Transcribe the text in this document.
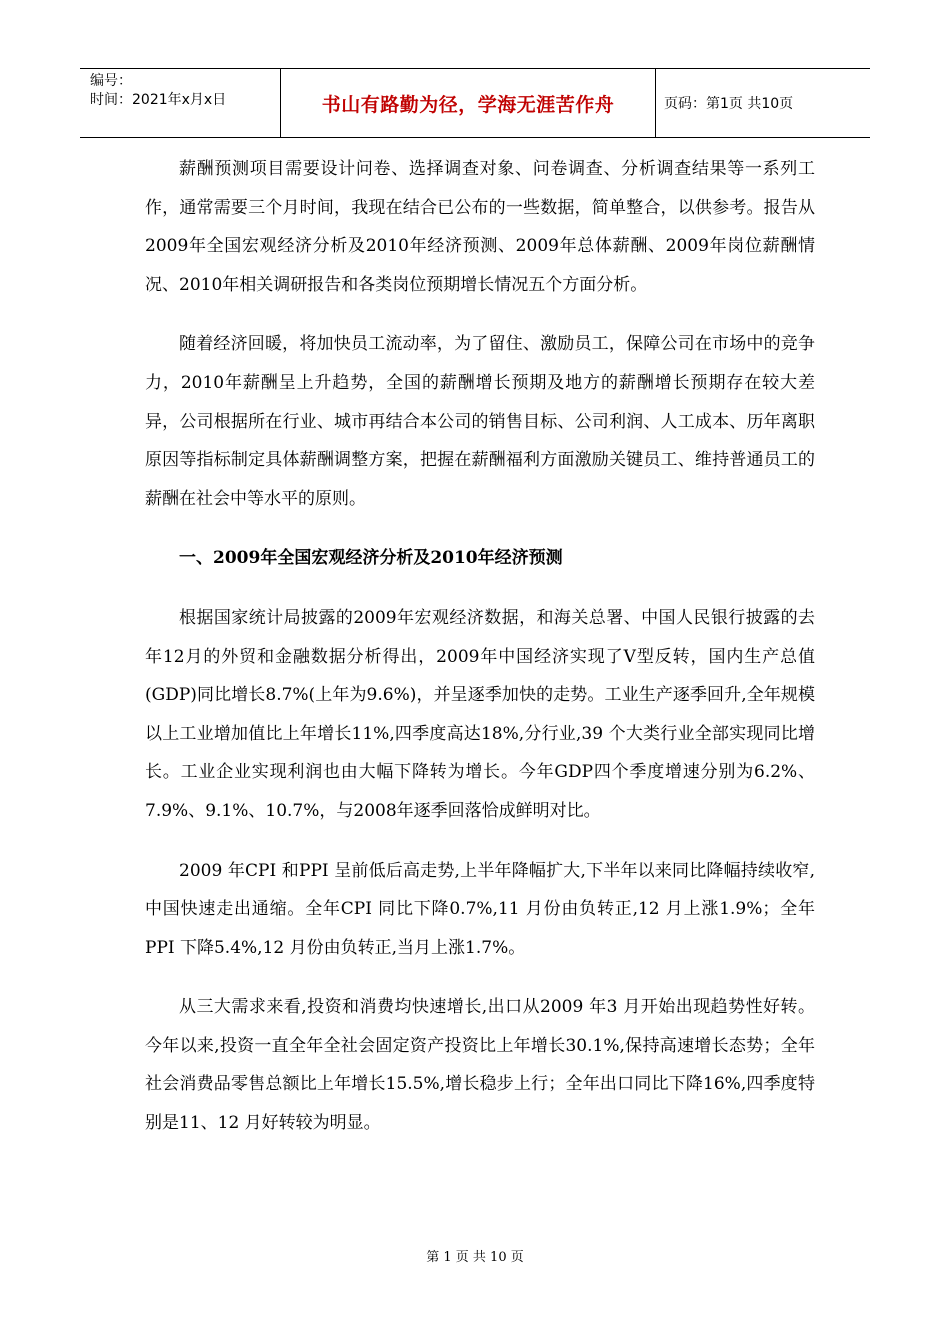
编号：
时间：2021年x月x日	书山有路勤为径，学海无涯苦作舟	页码：第1页 共10页

薪酬预测项目需要设计问卷、选择调查对象、问卷调查、分析调查结果等一系列工作，通常需要三个月时间，我现在结合已公布的一些数据，简单整合，以供参考。报告从2009年全国宏观经济分析及2010年经济预测、2009年总体薪酬、2009年岗位薪酬情况、2010年相关调研报告和各类岗位预期增长情况五个方面分析。

随着经济回暖，将加快员工流动率，为了留住、激励员工，保障公司在市场中的竞争力，2010年薪酬呈上升趋势，全国的薪酬增长预期及地方的薪酬增长预期存在较大差异，公司根据所在行业、城市再结合本公司的销售目标、公司利润、人工成本、历年离职原因等指标制定具体薪酬调整方案，把握在薪酬福利方面激励关键员工、维持普通员工的薪酬在社会中等水平的原则。

一、2009年全国宏观经济分析及2010年经济预测

根据国家统计局披露的2009年宏观经济数据，和海关总署、中国人民银行披露的去年12月的外贸和金融数据分析得出，2009年中国经济实现了V型反转，国内生产总值(GDP)同比增长8.7%(上年为9.6%)，并呈逐季加快的走势。工业生产逐季回升,全年规模以上工业增加值比上年增长11%,四季度高达18%,分行业,39 个大类行业全部实现同比增长。工业企业实现利润也由大幅下降转为增长。今年GDP四个季度增速分别为6.2%、7.9%、9.1%、10.7%，与2008年逐季回落恰成鲜明对比。

2009 年CPI 和PPI 呈前低后高走势,上半年降幅扩大,下半年以来同比降幅持续收窄,中国快速走出通缩。全年CPI 同比下降0.7%,11 月份由负转正,12 月上涨1.9%；全年PPI 下降5.4%,12 月份由负转正,当月上涨1.7%。

从三大需求来看,投资和消费均快速增长,出口从2009 年3 月开始出现趋势性好转。今年以来,投资一直全年全社会固定资产投资比上年增长30.1%,保持高速增长态势；全年社会消费品零售总额比上年增长15.5%,增长稳步上行；全年出口同比下降16%,四季度特别是11、12 月好转较为明显。

第 1 页 共 10 页
